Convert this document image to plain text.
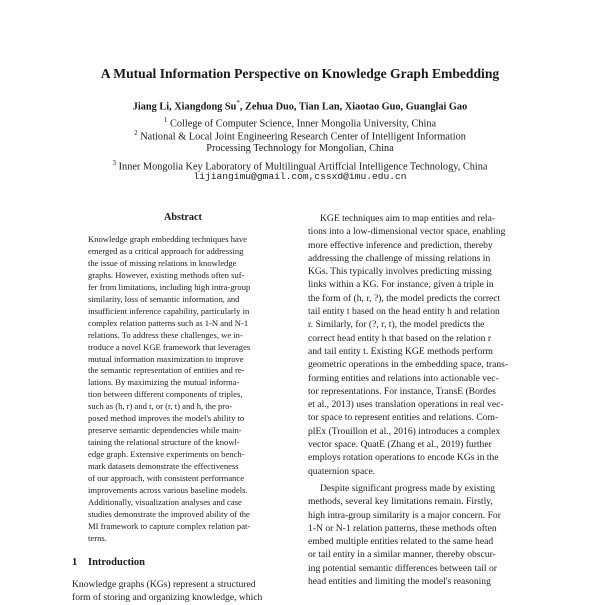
A Mutual Information Perspective on Knowledge Graph Embedding
Jiang Li, Xiangdong Su*, Zehua Duo, Tian Lan, Xiaotao Guo, Guanglai Gao
$^1$ College of Computer Science, Inner Mongolia University, China
$^2$ National & Local Joint Engineering Research Center of Intelligent Information
Processing Technology for Mongolian, China
$^3$ Inner Mongolia Key Laboratory of Multilingual Artiffcial Intelligence Technology, China
lijiangimu@gmail.com,cssxd@imu.edu.cn
Abstract
Knowledge graph embedding techniques have
emerged as a critical approach for addressing
the issue of missing relations in knowledge
graphs. However, existing methods often suf-
fer from limitations, including high intra-group
similarity, loss of semantic information, and
insufficient inference capability, particularly in
complex relation patterns such as 1-N and N-1
relations. To address these challenges, we in-
troduce a novel KGE framework that leverages
mutual information maximization to improve
the semantic representation of entities and re-
lations. By maximizing the mutual informa-
tion between different components of triples,
such as (h, r) and t, or (r, t) and h, the pro-
posed method improves the model's ability to
preserve semantic dependencies while main-
taining the relational structure of the knowl-
edge graph. Extensive experiments on bench-
mark datasets demonstrate the effectiveness
of our approach, with consistent performance
improvements across various baseline models.
Additionally, visualization analyses and case
studies demonstrate the improved ability of the
MI framework to capture complex relation pat-
terns.
1 Introduction
Knowledge graphs (KGs) represent a structured
form of storing and organizing knowledge, which
KGE techniques aim to map entities and rela-
tions into a low-dimensional vector space, enabling
more effective inference and prediction, thereby
addressing the challenge of missing relations in
KGs. This typically involves predicting missing
links within a KG. For instance, given a triple in
the form of (h, r, ?), the model predicts the correct
tail entity t based on the head entity h and relation
r. Similarly, for (?, r, t), the model predicts the
correct head entity h that based on the relation r
and tail entity t. Existing KGE methods perform
geometric operations in the embedding space, trans-
forming entities and relations into actionable vec-
tor representations. For instance, TransE (Bordes
et al., 2013) uses translation operations in real vec-
tor space to represent entities and relations. Com-
plEx (Trouillon et al., 2016) introduces a complex
vector space. QuatE (Zhang et al., 2019) further
employs rotation operations to encode KGs in the
quaternion space.
Despite significant progress made by existing
methods, several key limitations remain. Firstly,
high intra-group similarity is a major concern. For
1-N or N-1 relation patterns, these methods often
embed multiple entities related to the same head
or tail entity in a similar manner, thereby obscur-
ing potential semantic differences between tail or
head entities and limiting the model's reasoning
